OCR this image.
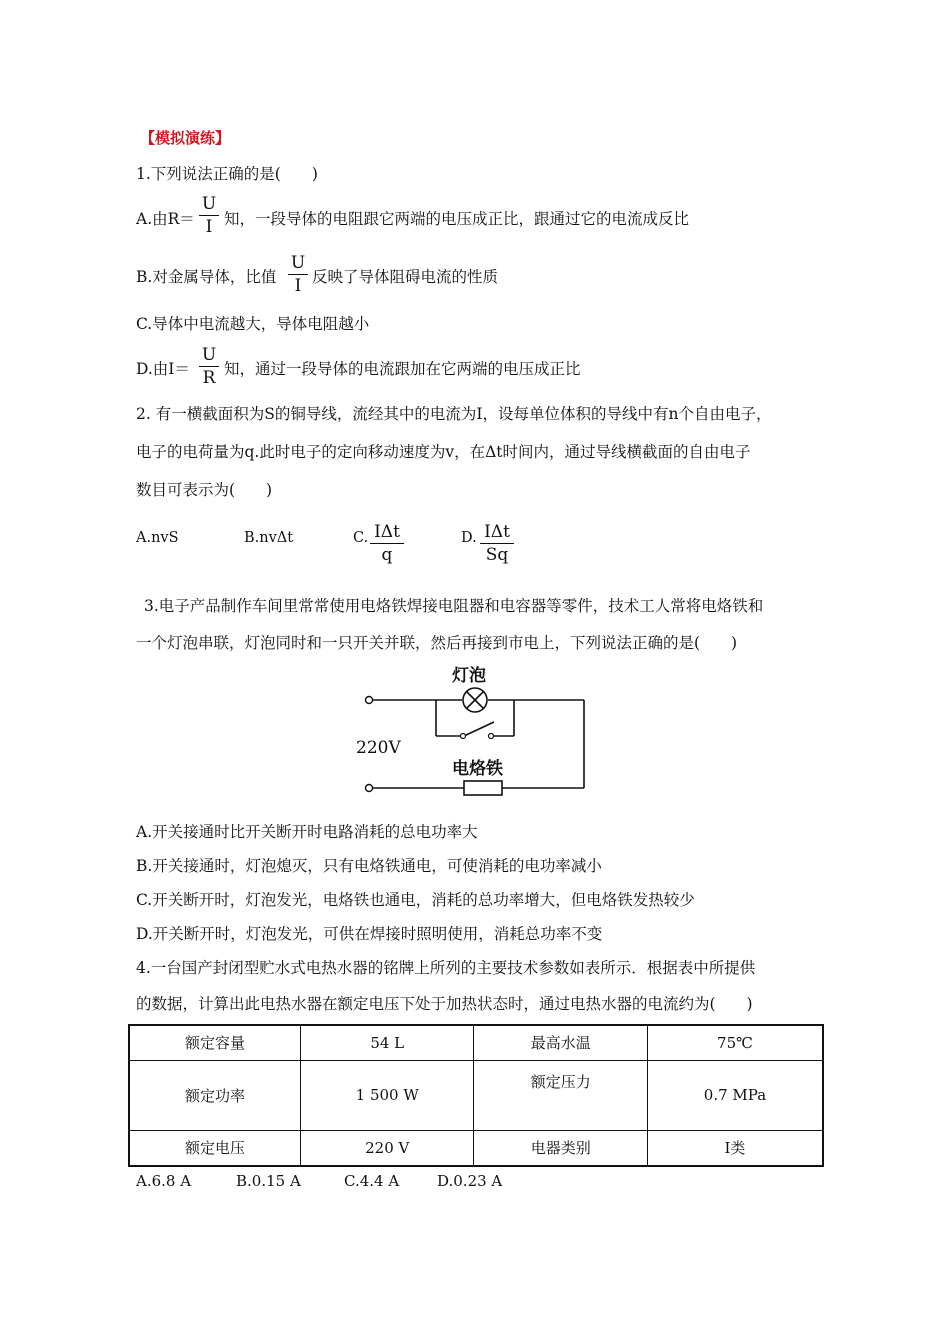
【模拟演练】
1.下列说法正确的是(　　)
A.由R＝
U
I 知，一段导体的电阻跟它两端的电压成正比，跟通过它的电流成反比
B.对金属导体，比值
U
I 反映了导体阻碍电流的性质
C.导体中电流越大，导体电阻越小
D.由I＝
U
R 知，通过一段导体的电流跟加在它两端的电压成正比
2. 有一横截面积为S的铜导线，流经其中的电流为I，设每单位体积的导线中有n个自由电子，
电子的电荷量为q.此时电子的定向移动速度为v，在Δt时间内，通过导线横截面的自由电子
数目可表示为(　　)
A.nvS	B.nvΔt	C. IΔt
q
D. IΔt
Sq
3.电子产品制作车间里常常使用电烙铁焊接电阻器和电容器等零件，技术工人常将电烙铁和
一个灯泡串联，灯泡同时和一只开关并联，然后再接到市电上，下列说法正确的是(　　)
灯泡
220V
电烙铁
A.开关接通时比开关断开时电路消耗的总电功率大
B.开关接通时，灯泡熄灭，只有电烙铁通电，可使消耗的电功率减小
C.开关断开时，灯泡发光，电烙铁也通电，消耗的总功率增大，但电烙铁发热较少
D.开关断开时，灯泡发光，可供在焊接时照明使用，消耗总功率不变
4.一台国产封闭型贮水式电热水器的铭牌上所列的主要技术参数如表所示．根据表中所提供
的数据，计算出此电热水器在额定电压下处于加热状态时，通过电热水器的电流约为(　　)
额定容量	54 L	最高水温	75℃
额定功率	1 500 W	额定压力	0.7 MPa
额定电压	220 V	电器类别	Ⅰ类
A.6.8 A	B.0.15 A	C.4.4 A	D.0.23 A
